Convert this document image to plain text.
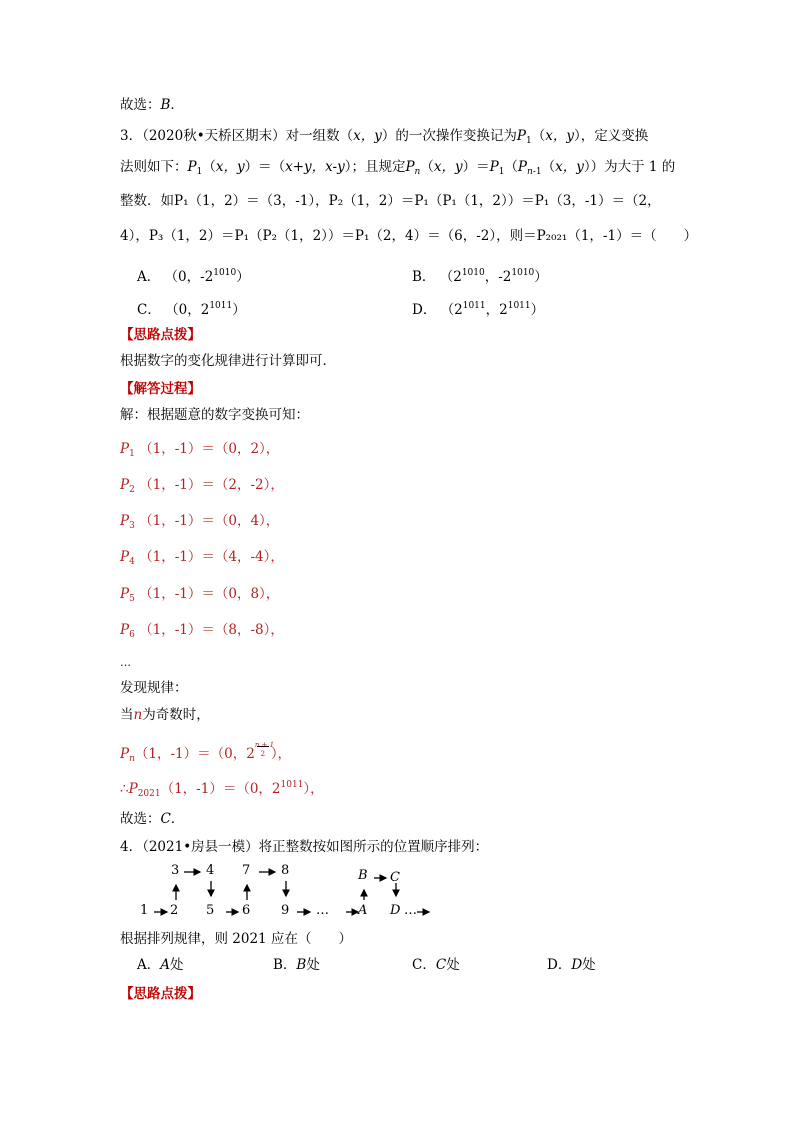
故选：B．
3．（2020秋•天桥区期末）对一组数（x，y）的一次操作变换记为$P_1(x$，y），定义变换
法则如下：$P_1(x$，y）＝（x+y，x-y）；且规定$P_n(x$，$y)=P_1(P_{n-1}(x$，y））为大于 1 的
整数．如P₁（1，2）＝（3，-1），P₂（1，2）＝P₁（P₁（1，2））＝P₁（3，-1）＝（2，
4），P₃（1，2）＝P₁（P₂（1，2））＝P₁（2，4）＝（6，-2），则＝P₂₀₂₁（1，-1）＝（　　）
A． （0，$-2^{1010}$）	B． （$2^{1010}$，$-2^{1010}$）
C． （0，$2^{1011}$）	D． （$2^{1011}$，$2^{1011}$）
【思路点拨】
根据数字的变化规律进行计算即可．
【解答过程】
解：根据题意的数字变换可知：
$P_1$ （1，-1）＝（0，2），
$P_2$ （1，-1）＝（2，-2），
$P_3$ （1，-1）＝（0，4），
$P_4$ （1，-1）＝（4，-4），
$P_5$ （1，-1）＝（0，8），
$P_6$ （1，-1）＝（8，-8），
…
发现规律：
当n为奇数时，
$P_n(1$，-1）＝（0，2
n + 1
2 ），
$\therefore P_{2021}(1$，-1）＝（0，$2^{1011}$），
故选：C．
4．（2021•房县一模）将正整数按如图所示的位置顺序排列：
3 4 7 8	B C
1 2 5 6 9 … A D …
根据排列规律，则 2021 应在（　　）
A．A处	B．B处	C．C处	D．D处
【思路点拨】
